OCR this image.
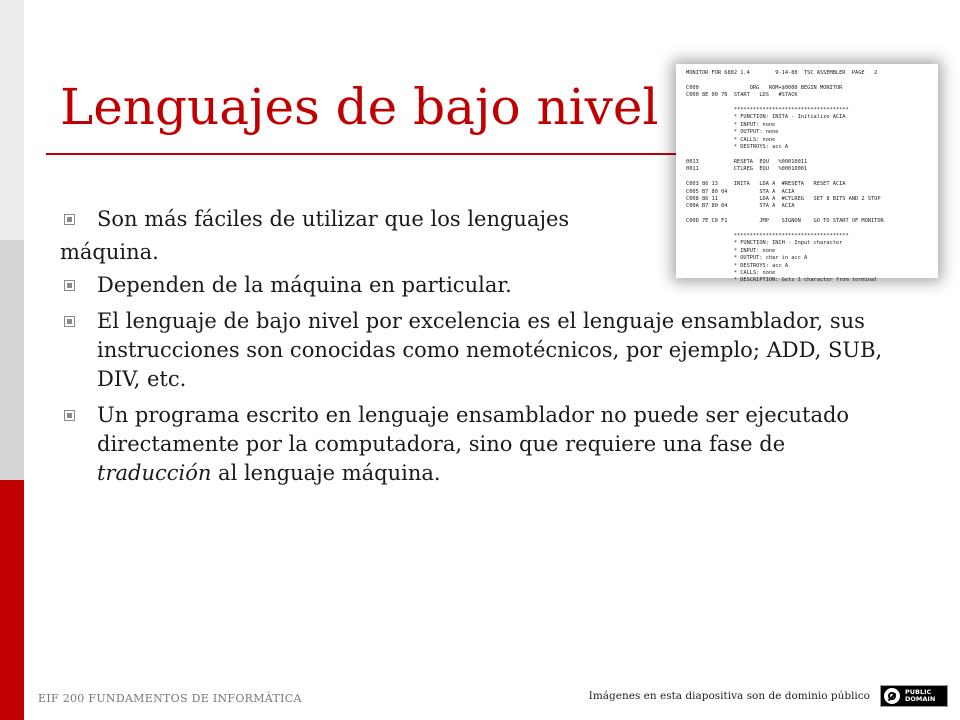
Lenguajes de bajo nivel
MONITOR FOR 6802 1.4        9-14-80  TSC ASSEMBLER  PAGE   2

C000                ORG   ROM+$0000 BEGIN MONITOR
C000 8E 00 70  START   LDS   #STACK

************************************
* FUNCTION: INITA - Initialize ACIA
* INPUT: none
* OUTPUT: none
* CALLS: none
* DESTROYS: acc A

0013           RESETA  EQU   %00010011
0011           CTLREG  EQU   %00010001

C003 86 13     INITA   LDA A  #RESETA   RESET ACIA
C005 B7 80 04          STA A  ACIA
C008 86 11             LDA A  #CTLREG   SET 8 BITS AND 2 STOP
C00A B7 80 04          STA A  ACIA

C00D 7E C0 F1          JMP    SIGNON    GO TO START OF MONITOR

************************************
* FUNCTION: INCH - Input character
* INPUT: none
* OUTPUT: char in acc A
* DESTROYS: acc A
* CALLS: none
* DESCRIPTION: Gets 1 character from terminal
Son más fáciles de utilizar que los lenguajes
máquina.
Dependen de la máquina en particular.
El lenguaje de bajo nivel por excelencia es el lenguaje ensamblador, sus instrucciones son conocidas como nemotécnicos, por ejemplo; ADD, SUB, DIV, etc.
Un programa escrito en lenguaje ensamblador no puede ser ejecutado directamente por la computadora, sino que requiere una fase de traducción al lenguaje máquina.
EIF 200 FUNDAMENTOS DE INFORMÁTICA	Imágenes en esta diapositiva son de dominio público	PUBLIC
DOMAIN
